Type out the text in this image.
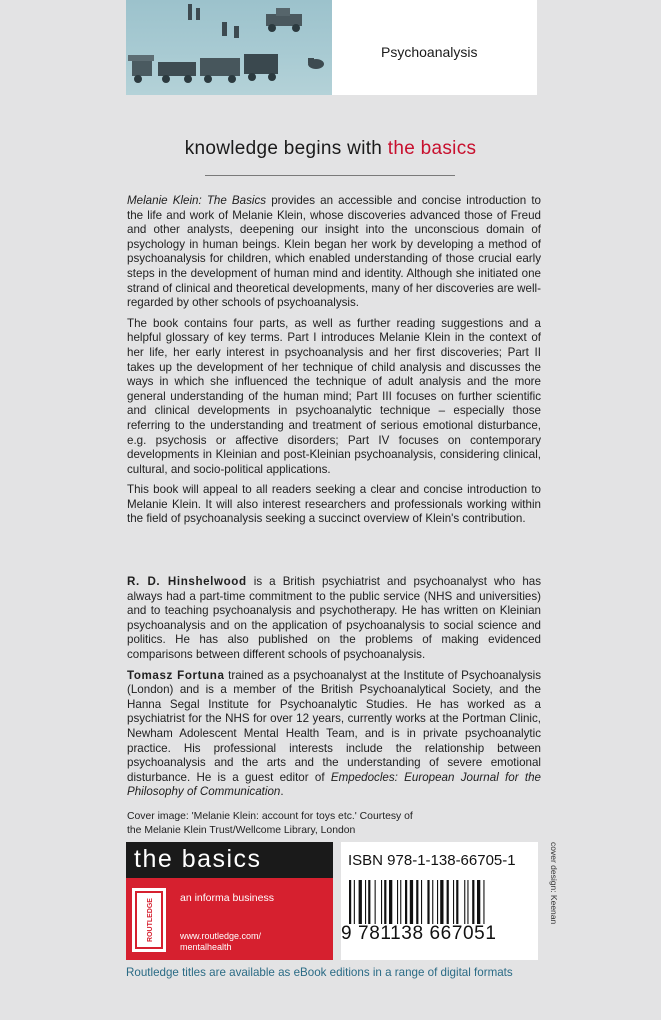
Psychoanalysis
knowledge begins with the basics

Melanie Klein: The Basics provides an accessible and concise introduction to the life and work of Melanie Klein, whose discoveries advanced those of Freud and other analysts, deepening our insight into the unconscious domain of psychology in human beings. Klein began her work by developing a method of psychoanalysis for children, which enabled understanding of those crucial early steps in the development of human mind and identity. Although she initiated one strand of clinical and theoretical developments, many of her discoveries are well-regarded by other schools of psychoanalysis.

The book contains four parts, as well as further reading suggestions and a helpful glossary of key terms. Part I introduces Melanie Klein in the context of her life, her early interest in psychoanalysis and her first discoveries; Part II takes up the development of her technique of child analysis and discusses the ways in which she influenced the technique of adult analysis and the more general understanding of the human mind; Part III focuses on further scientific and clinical developments in psychoanalytic technique – especially those referring to the understanding and treatment of serious emotional disturbance, e.g. psychosis or affective disorders; Part IV focuses on contemporary developments in Kleinian and post-Kleinian psychoanalysis, considering clinical, cultural, and socio-political applications.

This book will appeal to all readers seeking a clear and concise introduction to Melanie Klein. It will also interest researchers and professionals working within the field of psychoanalysis seeking a succinct overview of Klein's contribution.

R. D. Hinshelwood is a British psychiatrist and psychoanalyst who has always had a part-time commitment to the public service (NHS and universities) and to teaching psychoanalysis and psychotherapy. He has written on Kleinian psychoanalysis and on the application of psychoanalysis to social science and politics. He has also published on the problems of making evidenced comparisons between different schools of psychoanalysis.

Tomasz Fortuna trained as a psychoanalyst at the Institute of Psychoanalysis (London) and is a member of the British Psychoanalytical Society, and the Hanna Segal Institute for Psychoanalytic Studies. He has worked as a psychiatrist for the NHS for over 12 years, currently works at the Portman Clinic, Newham Adolescent Mental Health Team, and is in private psychoanalytic practice. His professional interests include the relationship between psychoanalysis and the arts and the understanding of severe emotional disturbance. He is a guest editor of Empedocles: European Journal for the Philosophy of Communication.

Cover image: 'Melanie Klein: account for toys etc.' Courtesy of the Melanie Klein Trust/Wellcome Library, London
the basics
ROUTLEDGE
an informa business
www.routledge.com/
mentalhealth
ISBN 978-1-138-66705-1
9 781138 667051
cover design: Keenan
Routledge titles are available as eBook editions in a range of digital formats
